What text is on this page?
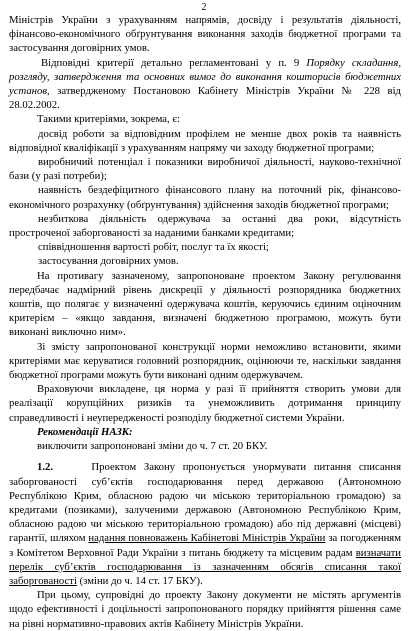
2

Міністрів України з урахуванням напрямів, досвіду і результатів діяльності, фінансово-економічного обґрунтування виконання заходів бюджетної програми та застосування договірних умов.

Відповідні критерії детально регламентовані у п. 9 Порядку складання, розгляду, затвердження та основних вимог до виконання кошторисів бюджетних установ, затвердженому Постановою Кабінету Міністрів України № 228 від 28.02.2002.

Такими критеріями, зокрема, є:

досвід роботи за відповідним профілем не менше двох років та наявність відповідної кваліфікації з урахуванням напряму чи заходу бюджетної програми;

виробничий потенціал і показники виробничої діяльності, науково-технічної бази (у разі потреби);

наявність бездефіцитного фінансового плану на поточний рік, фінансово-економічного розрахунку (обґрунтування) здійснення заходів бюджетної програми;

незбиткова діяльність одержувача за останні два роки, відсутність простроченої заборгованості за наданими банками кредитами;

співвідношення вартості робіт, послуг та їх якості;

застосування договірних умов.

На противагу зазначеному, запропоноване проектом Закону регулювання передбачає надмірний рівень дискреції у діяльності розпорядника бюджетних коштів, що полягає у визначенні одержувача коштів, керуючись єдиним оціночним критерієм – «якщо завдання, визначені бюджетною програмою, можуть бути виконані виключно ним».

Зі змісту запропонованої конструкції норми неможливо встановити, якими критеріями має керуватися головний розпорядник, оцінюючи те, наскільки завдання бюджетної програми можуть бути виконані одним одержувачем.

Враховуючи викладене, ця норма у разі її прийняття створить умови для реалізації корупційних ризиків та унеможливить дотримання принципу справедливості і неупередженості розподілу бюджетної системи України.

Рекомендації НАЗК:

виключити запропоновані зміни до ч. 7 ст. 20 БКУ.

1.2.	Проектом Закону пропонується унормувати питання списання заборгованості суб’єктів господарювання перед державою (Автономною Республікою Крим, обласною радою чи міською територіальною громадою) за кредитами (позиками), залученими державою (Автономною Республікою Крим, обласною радою чи міською територіальною громадою) або під державні (місцеві) гарантії, шляхом надання повноважень Кабінетові Міністрів України за погодженням з Комітетом Верховної Ради України з питань бюджету та місцевим радам визначати перелік суб’єктів господарювання із зазначенням обсягів списання такої заборгованості (зміни до ч. 14 ст. 17 БКУ).

При цьому, супровідні до проекту Закону документи не містять аргументів щодо ефективності і доцільності запропонованого порядку прийняття рішення саме на рівні нормативно-правових актів Кабінету Міністрів України.
